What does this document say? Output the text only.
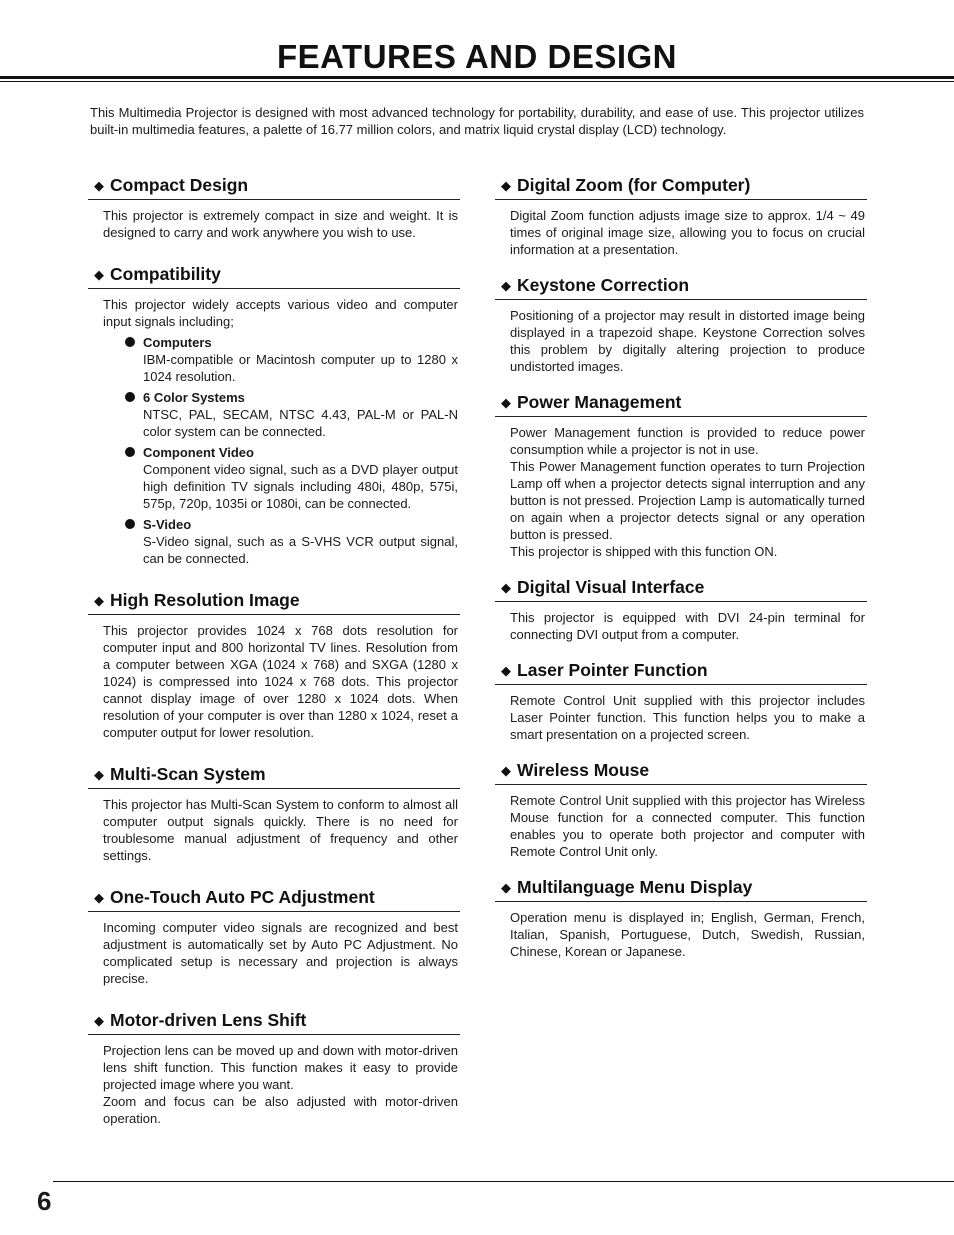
FEATURES AND DESIGN

This Multimedia Projector is designed with most advanced technology for portability, durability, and ease of use. This projector utilizes built-in multimedia features, a palette of 16.77 million colors, and matrix liquid crystal display (LCD) technology.

◆ Compact Design

This projector is extremely compact in size and weight. It is designed to carry and work anywhere you wish to use.

◆ Compatibility

This projector widely accepts various video and computer input signals including;

Computers
IBM-compatible or Macintosh computer up to 1280 x 1024 resolution.
6 Color Systems
NTSC, PAL, SECAM, NTSC 4.43, PAL-M or PAL-N color system can be connected.
Component Video
Component video signal, such as a DVD player output high definition TV signals including 480i, 480p, 575i, 575p, 720p, 1035i or 1080i, can be connected.
S-Video
S-Video signal, such as a S-VHS VCR output signal, can be connected.
◆ High Resolution Image

This projector provides 1024 x 768 dots resolution for computer input and 800 horizontal TV lines. Resolution from a computer between XGA (1024 x 768) and SXGA (1280 x 1024) is compressed into 1024 x 768 dots. This projector cannot display image of over 1280 x 1024 dots. When resolution of your computer is over than 1280 x 1024, reset a computer output for lower resolution.

◆ Multi-Scan System

This projector has Multi-Scan System to conform to almost all computer output signals quickly. There is no need for troublesome manual adjustment of frequency and other settings.

◆ One-Touch Auto PC Adjustment

Incoming computer video signals are recognized and best adjustment is automatically set by Auto PC Adjustment. No complicated setup is necessary and projection is always precise.

◆ Motor-driven Lens Shift

Projection lens can be moved up and down with motor-driven lens shift function. This function makes it easy to provide projected image where you want.

Zoom and focus can be also adjusted with motor-driven operation.

◆ Digital Zoom (for Computer)

Digital Zoom function adjusts image size to approx. 1/4 ~ 49 times of original image size, allowing you to focus on crucial information at a presentation.

◆ Keystone Correction

Positioning of a projector may result in distorted image being displayed in a trapezoid shape. Keystone Correction solves this problem by digitally altering projection to produce undistorted images.

◆ Power Management

Power Management function is provided to reduce power consumption while a projector is not in use.

This Power Management function operates to turn Projection Lamp off when a projector detects signal interruption and any button is not pressed. Projection Lamp is automatically turned on again when a projector detects signal or any operation button is pressed.

This projector is shipped with this function ON.

◆ Digital Visual Interface

This projector is equipped with DVI 24-pin terminal for connecting DVI output from a computer.

◆ Laser Pointer Function

Remote Control Unit supplied with this projector includes Laser Pointer function. This function helps you to make a smart presentation on a projected screen.

◆ Wireless Mouse

Remote Control Unit supplied with this projector has Wireless Mouse function for a connected computer. This function enables you to operate both projector and computer with Remote Control Unit only.

◆ Multilanguage Menu Display

Operation menu is displayed in; English, German, French, Italian, Spanish, Portuguese, Dutch, Swedish, Russian, Chinese, Korean or Japanese.

6
